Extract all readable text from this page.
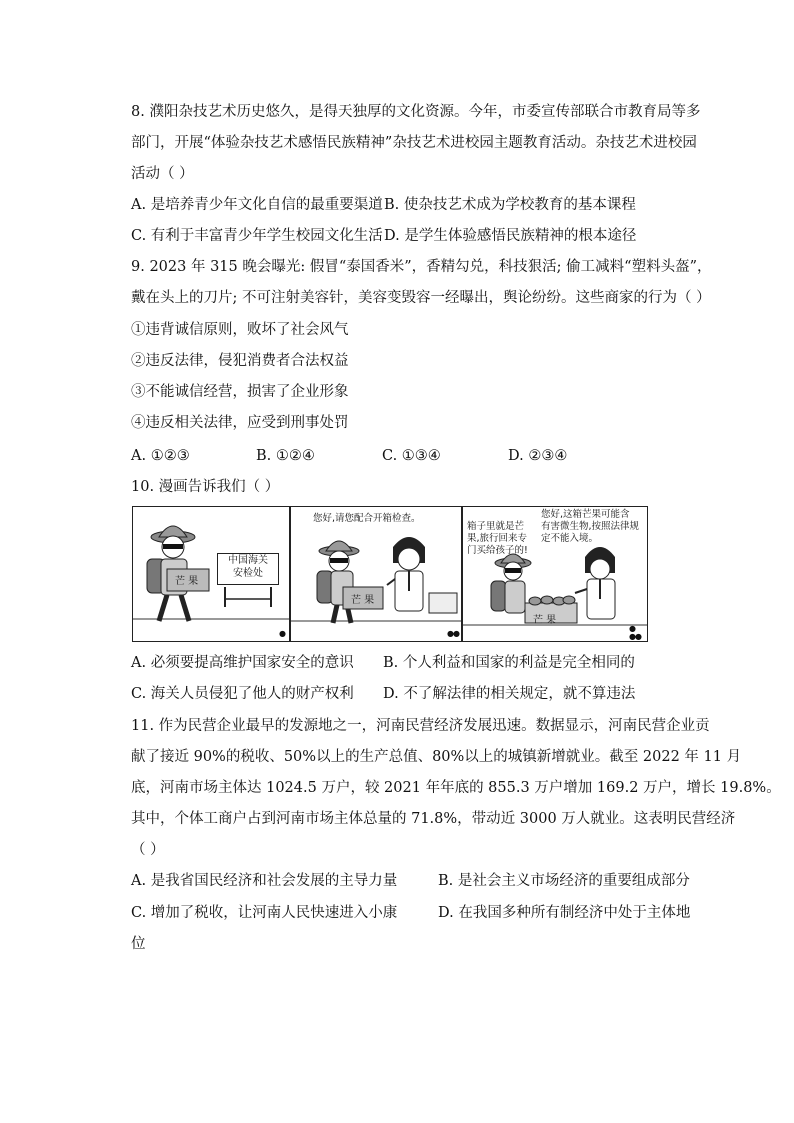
8. 濮阳杂技艺术历史悠久，是得天独厚的文化资源。今年，市委宣传部联合市教育局等多
部门，开展“体验杂技艺术感悟民族精神”杂技艺术进校园主题教育活动。杂技艺术进校园
活动（ ）
A. 是培养青少年文化自信的最重要渠道 B. 使杂技艺术成为学校教育的基本课程
C. 有利于丰富青少年学生校园文化生活 D. 是学生体验感悟民族精神的根本途径
9. 2023 年 315 晚会曝光: 假冒“泰国香米”，香精勾兑，科技狠活; 偷工减料“塑料头盔”，
戴在头上的刀片; 不可注射美容针，美容变毁容一经曝出，舆论纷纷。这些商家的行为（ ）
①违背诚信原则，败坏了社会风气
②违反法律，侵犯消费者合法权益
③不能诚信经营，损害了企业形象
④违反相关法律，应受到刑事处罚
A. ①②③	B. ①②④	C. ①③④	D. ②③④
10. 漫画告诉我们（ ）
中国海关
安检处
芒 果
●
您好,请您配合开箱检查。
芒 果
●●
箱子里就是芒
果,旅行回来专
门买给孩子的!
您好,这箱芒果可能含
有害微生物,按照法律规
定不能入境。
芒 果
●
●●
A. 必须要提高维护国家安全的意识 B. 个人利益和国家的利益是完全相同的
C. 海关人员侵犯了他人的财产权利 D. 不了解法律的相关规定，就不算违法
11. 作为民营企业最早的发源地之一，河南民营经济发展迅速。数据显示，河南民营企业贡
献了接近 90%的税收、50%以上的生产总值、80%以上的城镇新增就业。截至 2022 年 11 月
底，河南市场主体达 1024.5 万户，较 2021 年年底的 855.3 万户增加 169.2 万户，增长 19.8%。
其中，个体工商户占到河南市场主体总量的 71.8%，带动近 3000 万人就业。这表明民营经济
（ ）
A. 是我省国民经济和社会发展的主导力量	B. 是社会主义市场经济的重要组成部分
C. 增加了税收，让河南人民快速进入小康	D. 在我国多种所有制经济中处于主体地
位
